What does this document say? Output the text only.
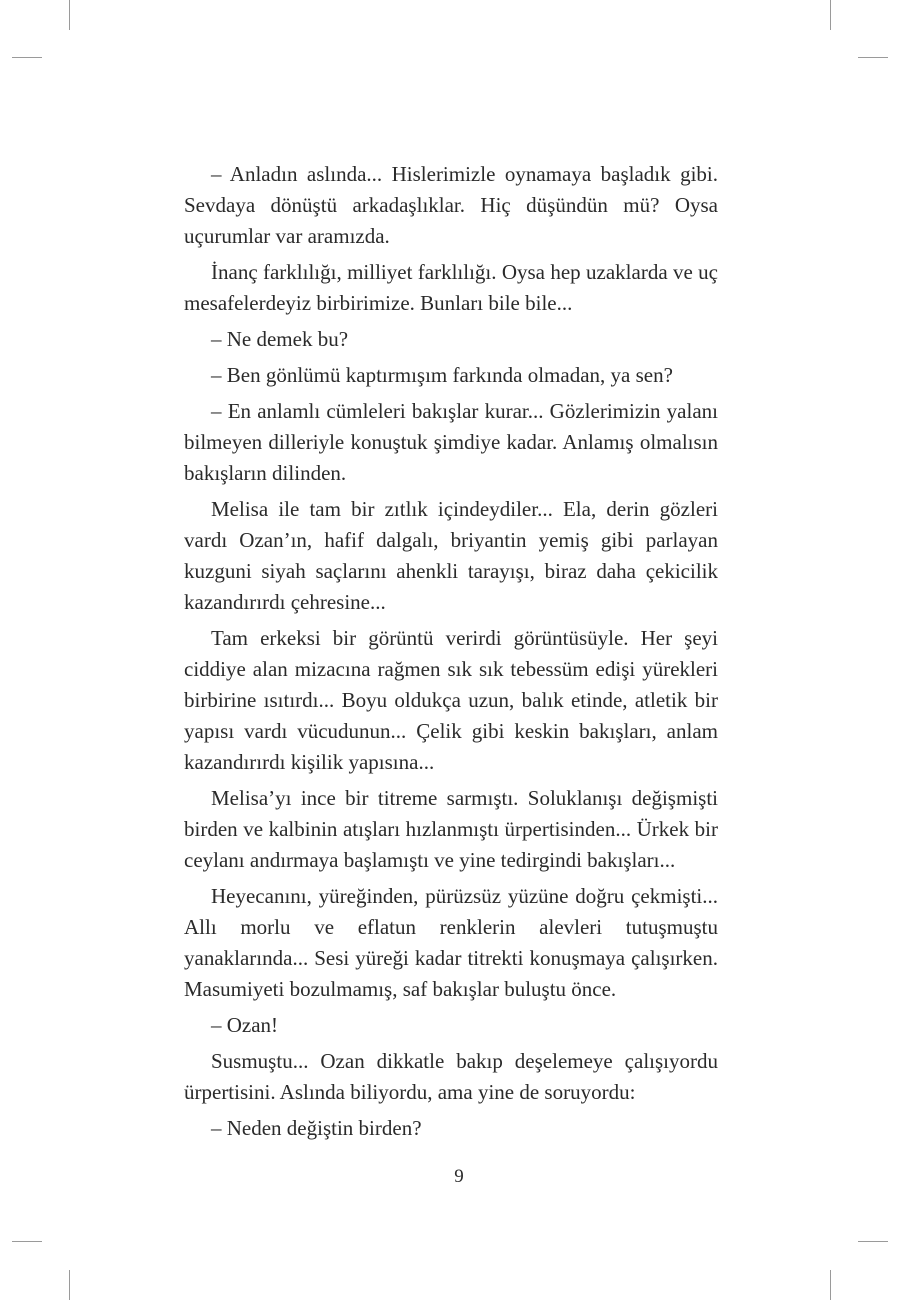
– Anladın aslında... Hislerimizle oynamaya başladık gibi. Sevdaya dönüştü arkadaşlıklar. Hiç düşündün mü? Oysa uçurumlar var aramızda.

İnanç farklılığı, milliyet farklılığı. Oysa hep uzaklarda ve uç mesafelerdeyiz birbirimize. Bunları bile bile...

– Ne demek bu?

– Ben gönlümü kaptırmışım farkında olmadan, ya sen?

– En anlamlı cümleleri bakışlar kurar... Gözlerimizin yalanı bilmeyen dilleriyle konuştuk şimdiye kadar. Anlamış olmalısın bakışların dilinden.

Melisa ile tam bir zıtlık içindeydiler... Ela, derin gözleri vardı Ozan’ın, hafif dalgalı, briyantin yemiş gibi parlayan kuzguni siyah saçlarını ahenkli tarayışı, biraz daha çekicilik kazandırırdı çehresine...

Tam erkeksi bir görüntü verirdi görüntüsüyle. Her şeyi ciddiye alan mizacına rağmen sık sık tebessüm edişi yürekleri birbirine ısıtırdı... Boyu oldukça uzun, balık etinde, atletik bir yapısı vardı vücudunun... Çelik gibi keskin bakışları, anlam kazandırırdı kişilik yapısına...

Melisa’yı ince bir titreme sarmıştı. Soluklanışı değişmişti birden ve kalbinin atışları hızlanmıştı ürpertisinden... Ürkek bir ceylanı andırmaya başlamıştı ve yine tedirgindi bakışları...

Heyecanını, yüreğinden, pürüzsüz yüzüne doğru çekmişti... Allı morlu ve eflatun renklerin alevleri tutuşmuştu yanaklarında... Sesi yüreği kadar titrekti konuşmaya çalışırken. Masumiyeti bozulmamış, saf bakışlar buluştu önce.

– Ozan!

Susmuştu... Ozan dikkatle bakıp deşelemeye çalışıyordu ürpertisini. Aslında biliyordu, ama yine de soruyordu:

– Neden değiştin birden?

9
